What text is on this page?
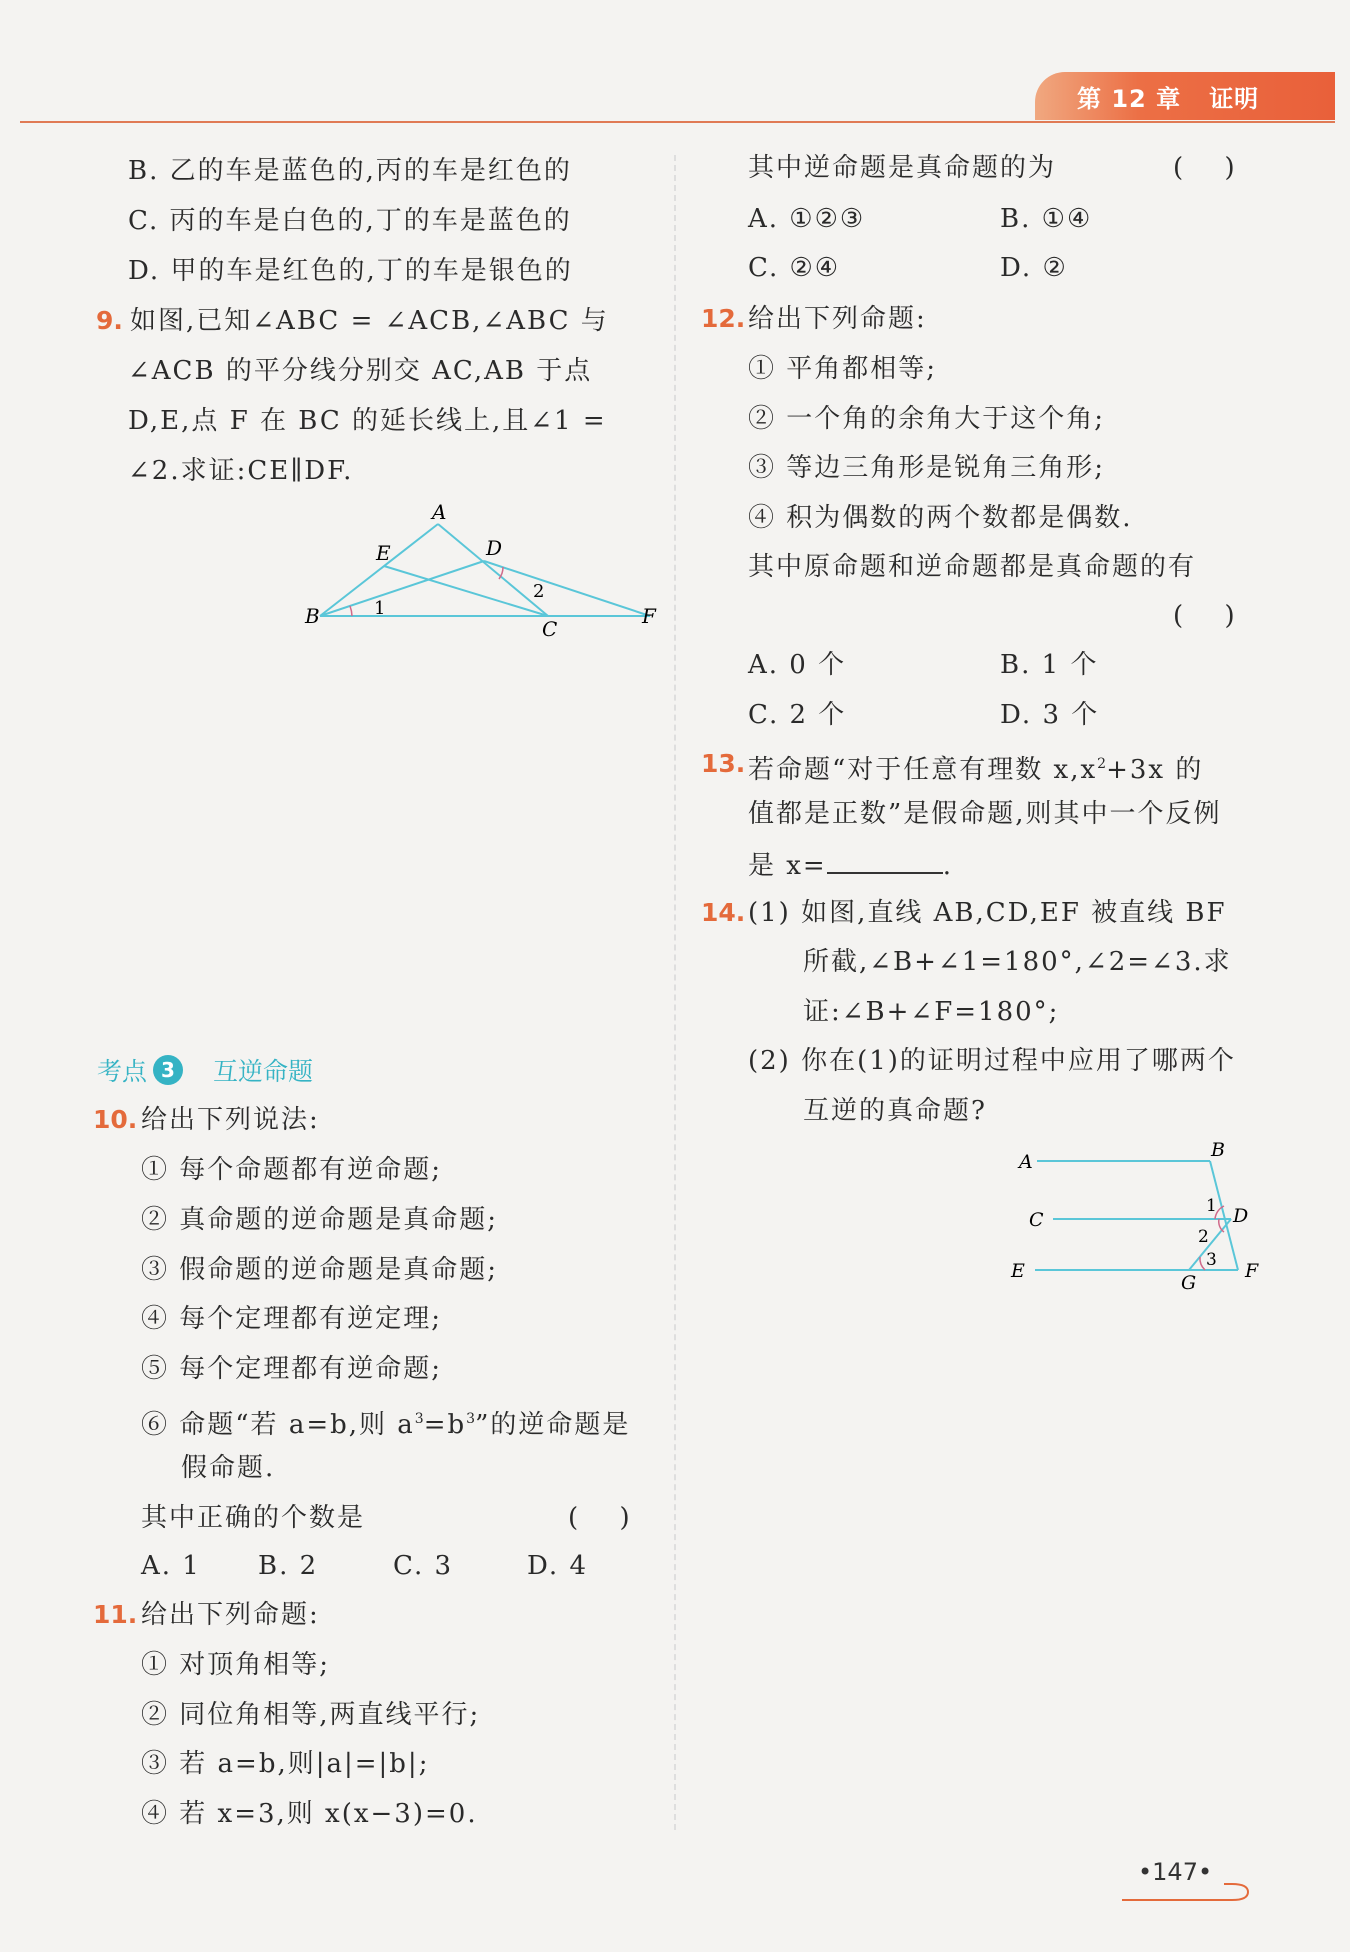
第 12 章
证明
B. 乙的车是蓝色的,丙的车是红色的
C. 丙的车是白色的,丁的车是蓝色的
D. 甲的车是红色的,丁的车是银色的
9. 如图,已知∠ABC = ∠ACB,∠ABC 与
∠ACB 的平分线分别交 AC,AB 于点
D,E,点 F 在 BC 的延长线上,且∠1 =
∠2.求证:CE∥DF.
A
E	D
B
C
F
1
2
考点 3	互逆命题
10. 给出下列说法:
① 每个命题都有逆命题;
② 真命题的逆命题是真命题;
③ 假命题的逆命题是真命题;
④ 每个定理都有逆定理;
⑤ 每个定理都有逆命题;
⑥ 命题“若 a=b,则 $a^3=b^3$”的逆命题是
假命题.
其中正确的个数是	(     )
A. 1 B. 2	C. 3	D. 4
11. 给出下列命题:
① 对顶角相等;
② 同位角相等,两直线平行;
③ 若 a=b,则|a|=|b|;
④ 若 x=3,则 x(x−3)=0.
其中逆命题是真命题的为	(     )
A. ①②③	B. ①④
C. ②④	D. ②
12. 给出下列命题:
① 平角都相等;
② 一个角的余角大于这个角;
③ 等边三角形是锐角三角形;
④ 积为偶数的两个数都是偶数.
其中原命题和逆命题都是真命题的有
(     )
A. 0 个	B. 1 个
C. 2 个	D. 3 个
13. 若命题“对于任意有理数 $x,x^2+3x$ 的
值都是正数”是假命题,则其中一个反例
是 x=	.
14. (1) 如图,直线 AB,CD,EF 被直线 BF
所截,∠B+∠1=180°,∠2=∠3.求
证:∠B+∠F=180°;
(2) 你在(1)的证明过程中应用了哪两个
互逆的真命题?
A
B
C	D
E	F
G
1
2
3
•147•
